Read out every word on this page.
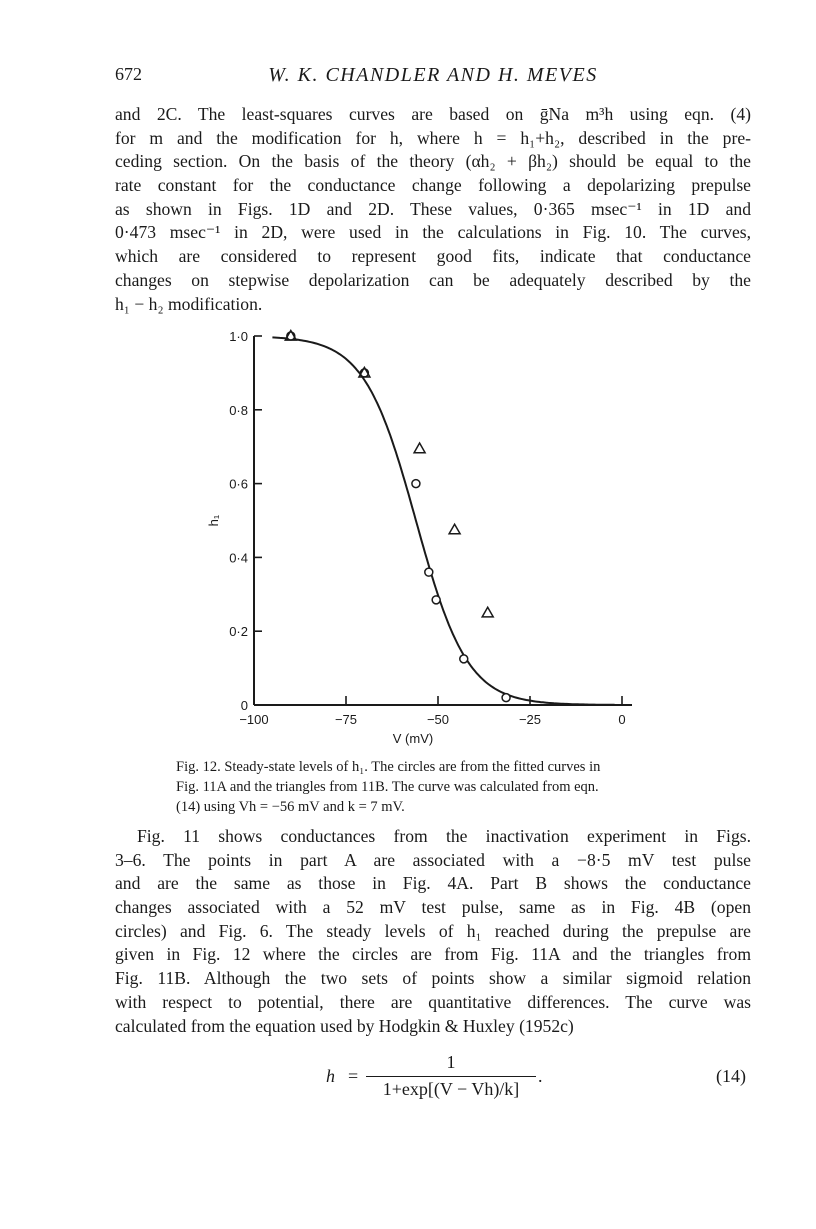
672	W. K. CHANDLER AND H. MEVES
and 2C. The least-squares curves are based on ḡNa m³h using eqn. (4)
for m and the modification for h, where h = h₁+h₂, described in the pre-
ceding section. On the basis of the theory (αh₂ + βh₂) should be equal to the
rate constant for the conductance change following a depolarizing prepulse
as shown in Figs. 1D and 2D. These values, 0·365 msec⁻¹ in 1D and
0·473 msec⁻¹ in 2D, were used in the calculations in Fig. 10. The curves,
which are considered to represent good fits, indicate that conductance
changes on stepwise depolarization can be adequately described by the
h₁ − h₂ modification.
0
0·2
0·4
0·6
0·8
1·0
−100	−75	−50	−25	0
V (mV)
h₁
Fig. 12. Steady-state levels of h₁. The circles are from the fitted curves in
Fig. 11A and the triangles from 11B. The curve was calculated from eqn.
(14) using Vh = −56 mV and k = 7 mV.
Fig. 11 shows conductances from the inactivation experiment in Figs.
3–6. The points in part A are associated with a −8·5 mV test pulse
and are the same as those in Fig. 4A. Part B shows the conductance
changes associated with a 52 mV test pulse, same as in Fig. 4B (open
circles) and Fig. 6. The steady levels of h₁ reached during the prepulse are
given in Fig. 12 where the circles are from Fig. 11A and the triangles from
Fig. 11B. Although the two sets of points show a similar sigmoid relation
with respect to potential, there are quantitative differences. The curve was
calculated from the equation used by Hodgkin & Huxley (1952c)
h =
1
1+exp[(V − Vh)/k]
.	(14)
